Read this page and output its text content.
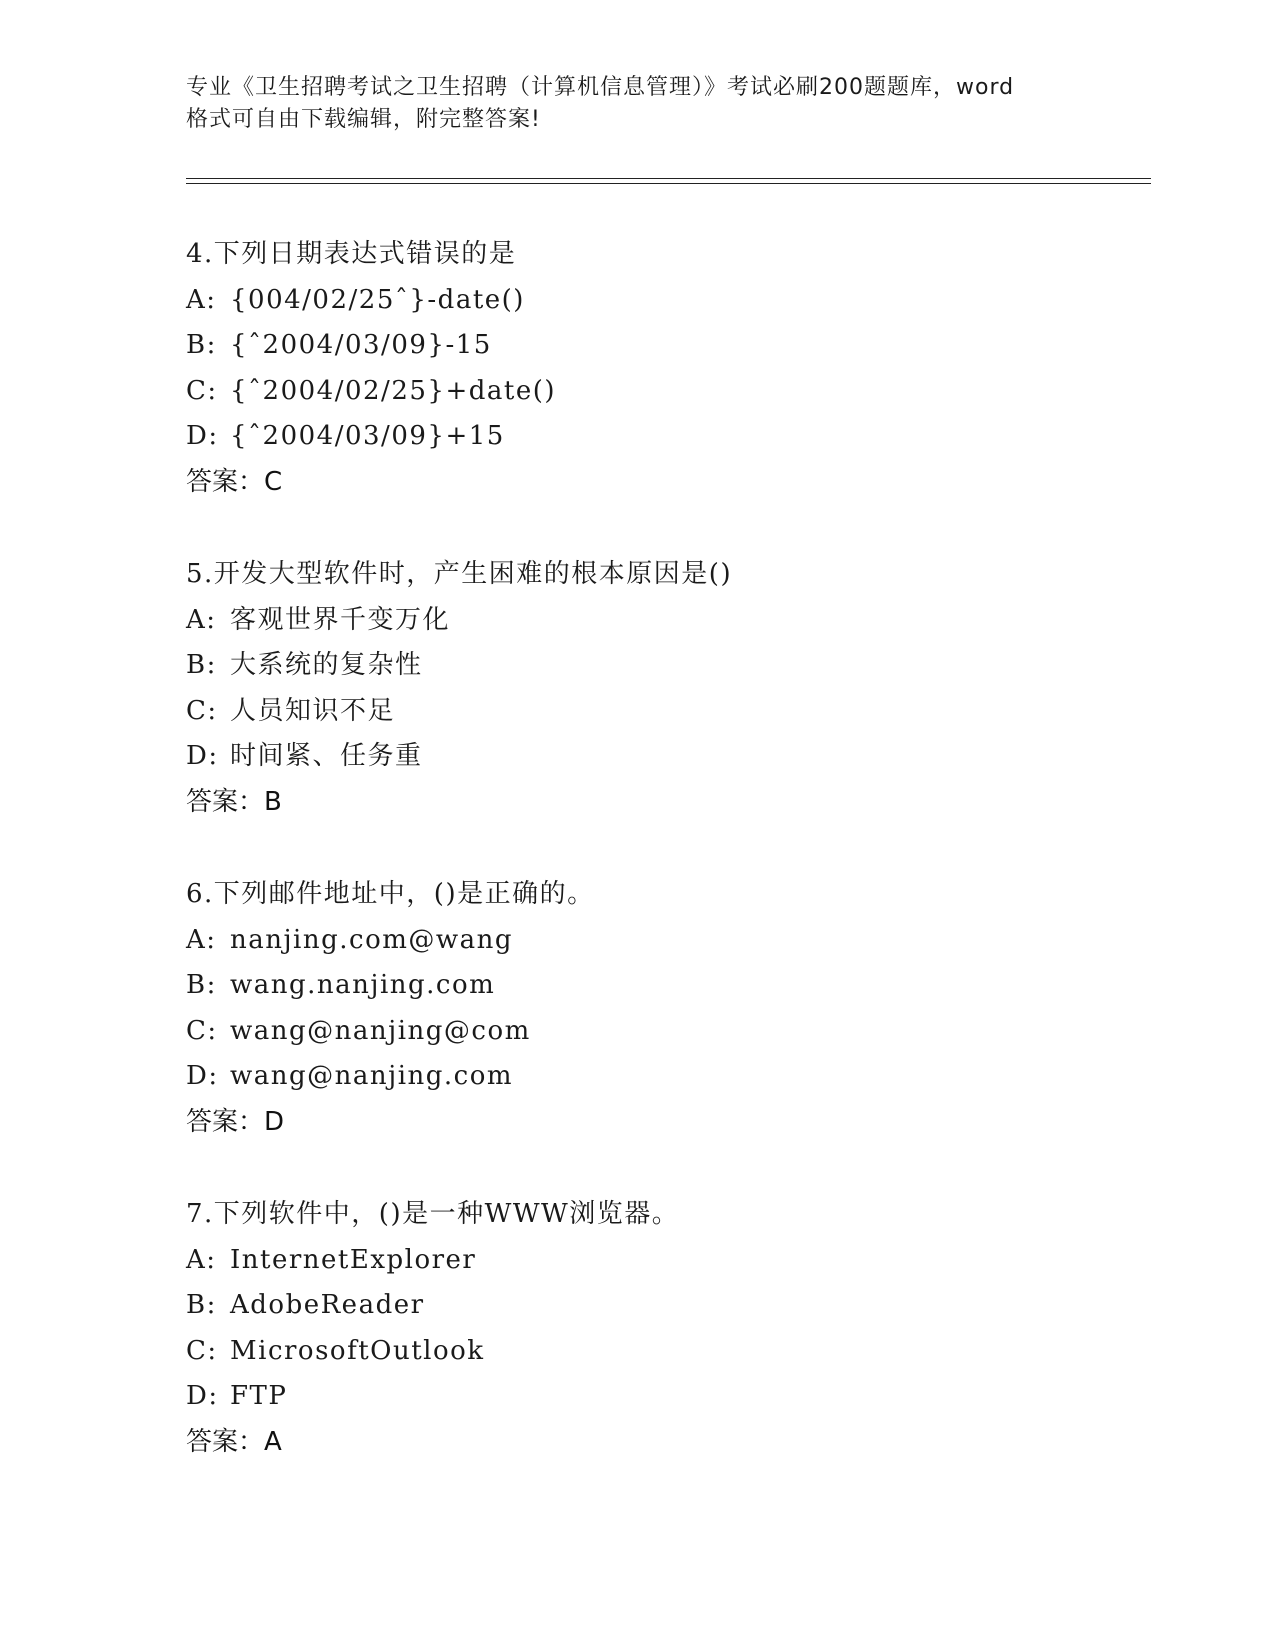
专业《卫生招聘考试之卫生招聘（计算机信息管理）》考试必刷200题题库，word
格式可自由下载编辑，附完整答案!
4.下列日期表达式错误的是
A: {004/02/25ˆ}-date()
B: {ˆ2004/03/09}-15
C: {ˆ2004/02/25}+date()
D: {ˆ2004/03/09}+15
答案：C
5.开发大型软件时，产生困难的根本原因是()
A: 客观世界千变万化
B: 大系统的复杂性
C: 人员知识不足
D: 时间紧、任务重
答案：B
6.下列邮件地址中，()是正确的。
A: nanjing.com@wang
B: wang.nanjing.com
C: wang@nanjing@com
D: wang@nanjing.com
答案：D
7.下列软件中，()是一种WWW浏览器。
A: InternetExplorer
B: AdobeReader
C: MicrosoftOutlook
D: FTP
答案：A
